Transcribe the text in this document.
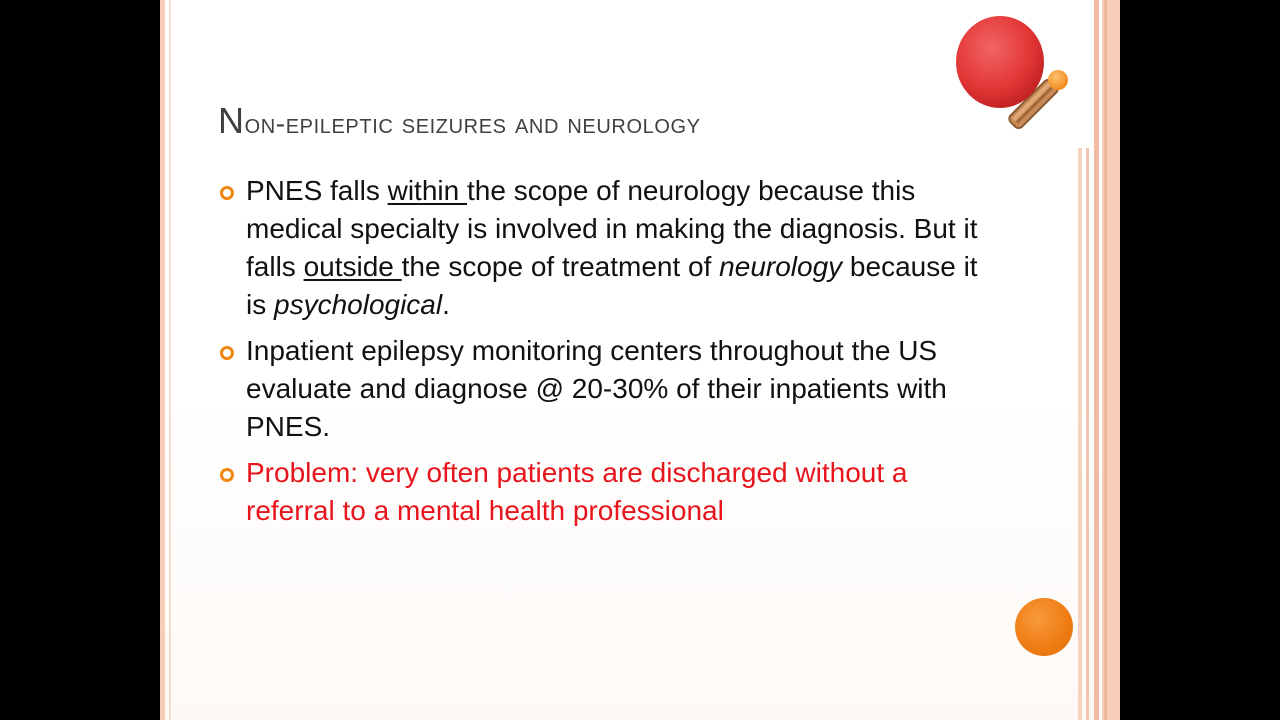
Non-epileptic seizures and neurology
PNES falls within the scope of neurology because this medical specialty is involved in making the diagnosis. But it falls outside the scope of treatment of neurology because it is psychological.
Inpatient epilepsy monitoring centers throughout the US evaluate and diagnose @ 20-30% of their inpatients with PNES.
Problem: very often patients are discharged without a referral to a mental health professional
